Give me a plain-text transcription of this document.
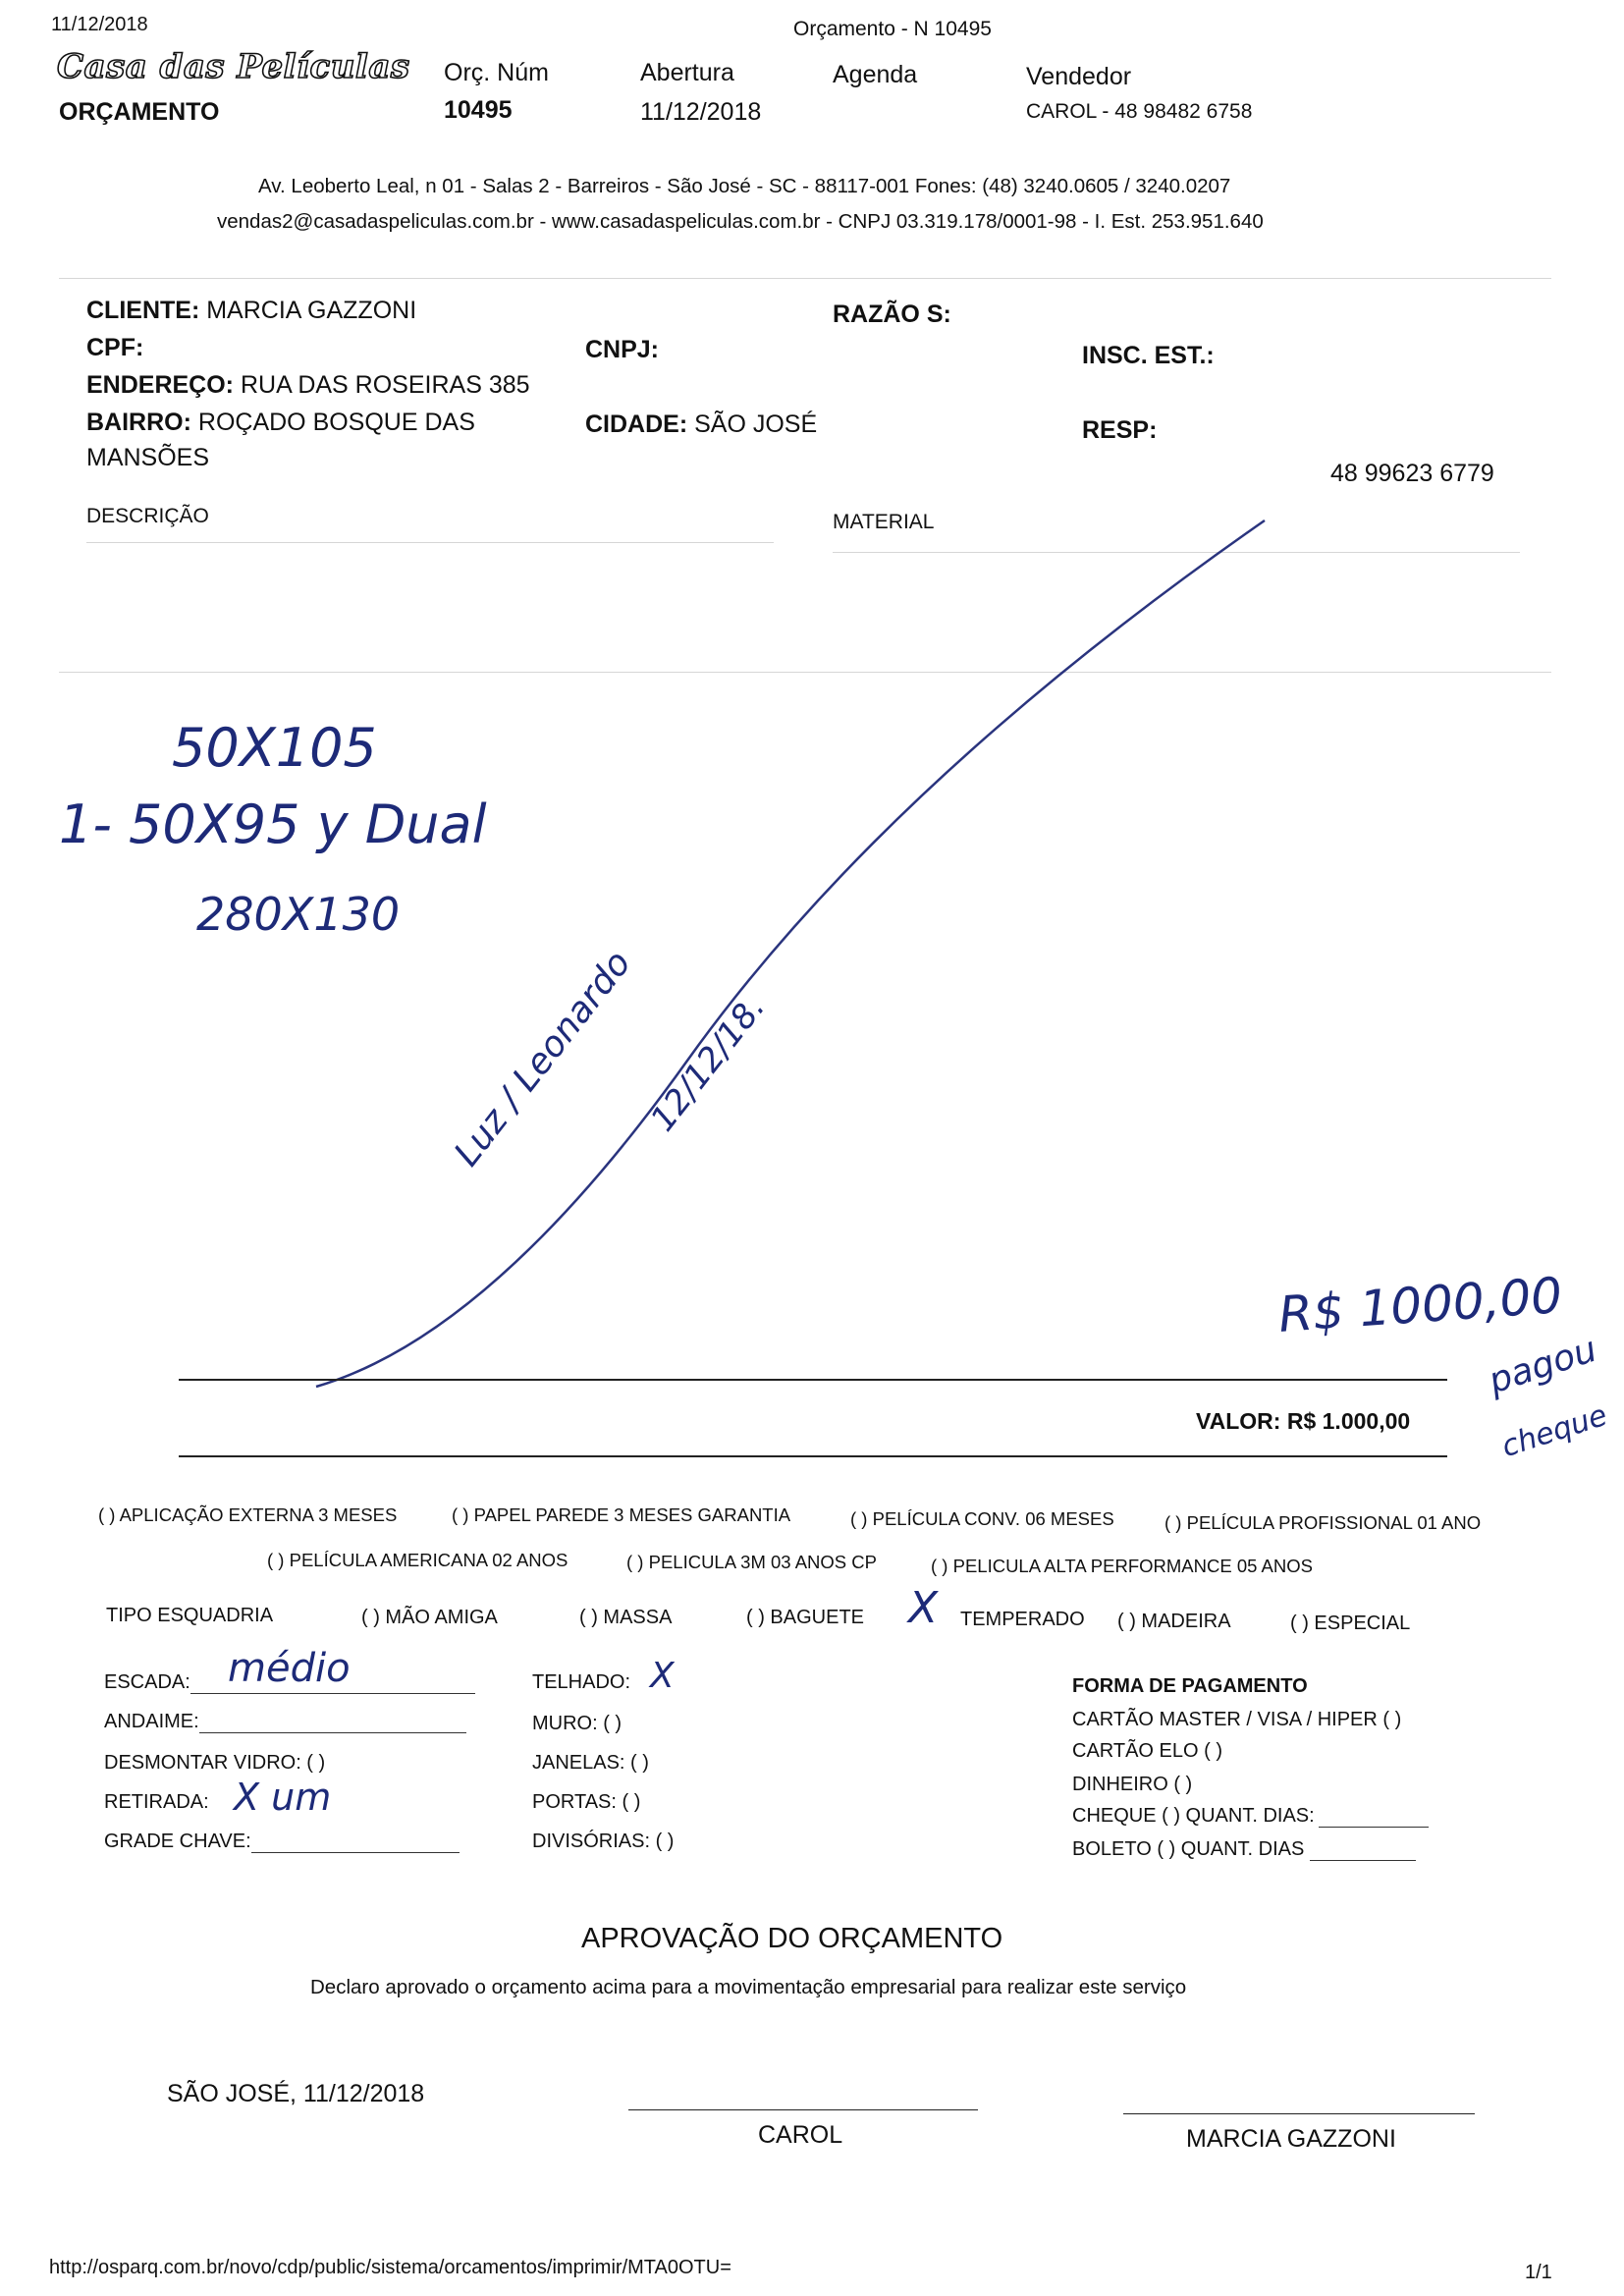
11/12/2018	Orçamento - N 10495
Casa das Películas
ORÇAMENTO
Orç. Núm
10495
Abertura
11/12/2018
Agenda	Vendedor
CAROL - 48 98482 6758
Av. Leoberto Leal, n 01 - Salas 2 - Barreiros - São José - SC - 88117-001 Fones: (48) 3240.0605 / 3240.0207
vendas2@casadaspeliculas.com.br - www.casadaspeliculas.com.br - CNPJ 03.319.178/0001-98 - I. Est. 253.951.640
CLIENTE: MARCIA GAZZONI	RAZÃO S:
CPF:	CNPJ:	INSC. EST.:
ENDEREÇO: RUA DAS ROSEIRAS 385
BAIRRO: ROÇADO BOSQUE DAS
MANSÕES
CIDADE: SÃO JOSÉ	RESP:
48 99623 6779
DESCRIÇÃO	MATERIAL
50X105
1- 50X95 y Dual
280X130
Luz / Leonardo 12/12/18.
R$ 1000,00
pagou
cheque
VALOR: R$ 1.000,00
( ) APLICAÇÃO EXTERNA 3 MESES	( ) PAPEL PAREDE 3 MESES GARANTIA	( ) PELÍCULA CONV. 06 MESES	( ) PELÍCULA PROFISSIONAL 01 ANO
( ) PELÍCULA AMERICANA 02 ANOS	( ) PELICULA 3M 03 ANOS CP	( ) PELICULA ALTA PERFORMANCE 05 ANOS
TIPO ESQUADRIA	( ) MÃO AMIGA	( ) MASSA	( ) BAGUETE	TEMPERADO
X	( ) MADEIRA	( ) ESPECIAL
ESCADA: médio
ANDAIME:
DESMONTAR VIDRO: ( )
RETIRADA: X um
GRADE CHAVE:
TELHADO: X
MURO: ( )
JANELAS: ( )
PORTAS: ( )
DIVISÓRIAS: ( )
FORMA DE PAGAMENTO
CARTÃO MASTER / VISA / HIPER ( )
CARTÃO ELO ( )
DINHEIRO ( )
CHEQUE ( ) QUANT. DIAS:
BOLETO ( ) QUANT. DIAS
APROVAÇÃO DO ORÇAMENTO
Declaro aprovado o orçamento acima para a movimentação empresarial para realizar este serviço
SÃO JOSÉ, 11/12/2018
CAROL	MARCIA GAZZONI
http://osparq.com.br/novo/cdp/public/sistema/orcamentos/imprimir/MTA0OTU=	1/1
